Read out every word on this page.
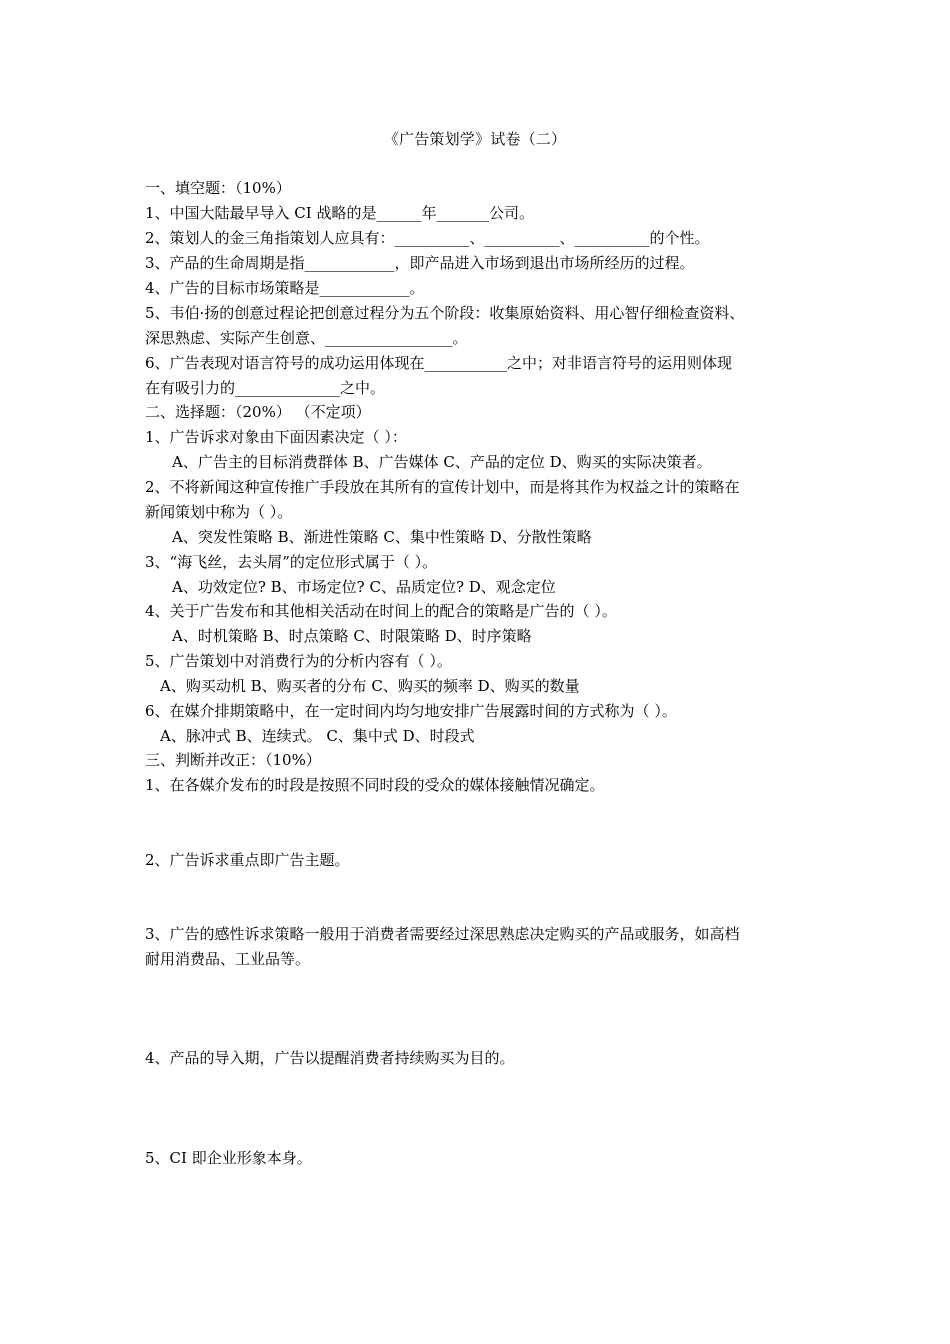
《广告策划学》试卷（二）
一、填空题：（10%）
1、中国大陆最早导入 CI 战略的是______年_______公司。
2、策划人的金三角指策划人应具有：__________、__________、__________的个性。
3、产品的生命周期是指____________，即产品进入市场到退出市场所经历的过程。
4、广告的目标市场策略是____________。
5、韦伯·扬的创意过程论把创意过程分为五个阶段：收集原始资料、用心智仔细检查资料、
深思熟虑、实际产生创意、_________________。
6、广告表现对语言符号的成功运用体现在___________之中；对非语言符号的运用则体现
在有吸引力的______________之中。
二、选择题：（20%） （不定项）
1、广告诉求对象由下面因素决定（ ）：
A、广告主的目标消费群体 B、广告媒体 C、产品的定位 D、购买的实际决策者。
2、不将新闻这种宣传推广手段放在其所有的宣传计划中，而是将其作为权益之计的策略在
新闻策划中称为（ ）。
A、突发性策略 B、渐进性策略 C、集中性策略 D、分散性策略
3、“海飞丝，去头屑”的定位形式属于（ ）。
A、功效定位? B、市场定位? C、品质定位? D、观念定位
4、关于广告发布和其他相关活动在时间上的配合的策略是广告的（ ）。
A、时机策略 B、时点策略 C、时限策略 D、时序策略
5、广告策划中对消费行为的分析内容有（ ）。
A、购买动机 B、购买者的分布 C、购买的频率 D、购买的数量
6、在媒介排期策略中，在一定时间内均匀地安排广告展露时间的方式称为（ ）。
A、脉冲式 B、连续式。 C、集中式 D、时段式
三、判断并改正：（10%）
1、在各媒介发布的时段是按照不同时段的受众的媒体接触情况确定。
2、广告诉求重点即广告主题。
3、广告的感性诉求策略一般用于消费者需要经过深思熟虑决定购买的产品或服务，如高档
耐用消费品、工业品等。
4、产品的导入期，广告以提醒消费者持续购买为目的。
5、CI 即企业形象本身。
